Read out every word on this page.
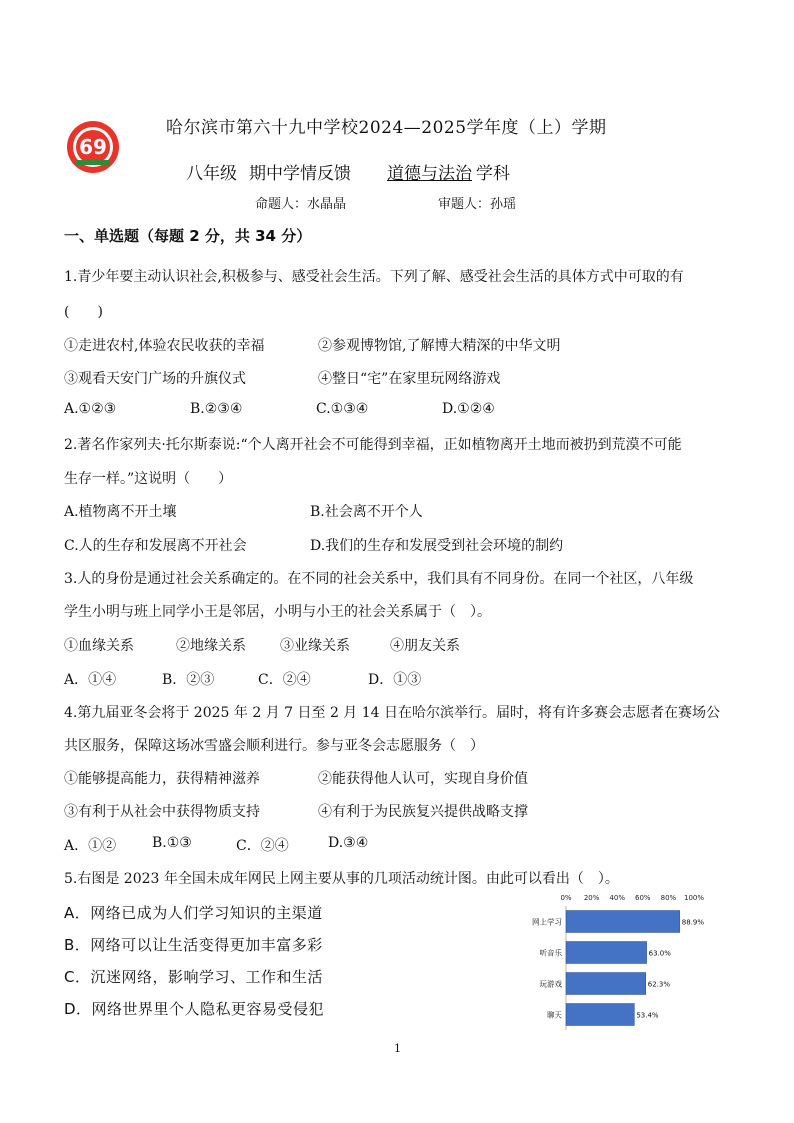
69
哈尔滨市第六十九中学校2024—2025学年度（上）学期
八年级 期中学情反馈 道德与法治 学科
命题人：水晶晶	审题人：孙瑶
一、单选题（每题 2 分，共 34 分）
1.青少年要主动认识社会,积极参与、感受社会生活。下列了解、感受社会生活的具体方式中可取的有
(　　)
①走进农村,体验农民收获的幸福	②参观博物馆,了解博大精深的中华文明
③观看天安门广场的升旗仪式	④整日“宅”在家里玩网络游戏
A.①②③	B.②③④	C.①③④	D.①②④
2.著名作家列夫·托尔斯泰说:“个人离开社会不可能得到幸福，正如植物离开土地而被扔到荒漠不可能
生存一样。”这说明（　　）
A.植物离不开土壤	B.社会离不开个人
C.人的生存和发展离不开社会	D.我们的生存和发展受到社会环境的制约
3.人的身份是通过社会关系确定的。在不同的社会关系中，我们具有不同身份。在同一个社区，八年级
学生小明与班上同学小王是邻居，小明与小王的社会关系属于（　）。
①血缘关系	②地缘关系 ③业缘关系	④朋友关系
A．①④	B．②③	C．②④	D．①③
4.第九届亚冬会将于 2025 年 2 月 7 日至 2 月 14 日在哈尔滨举行。届时，将有许多赛会志愿者在赛场公
共区服务，保障这场冰雪盛会顺利进行。参与亚冬会志愿服务（　）
①能够提高能力，获得精神滋养	②能获得他人认可，实现自身价值
③有利于从社会中获得物质支持	④有利于为民族复兴提供战略支撑
A．①②	B.①③	C．②④	D.③④
5.右图是 2023 年全国未成年网民上网主要从事的几项活动统计图。由此可以看出（　）。
A．网络已成为人们学习知识的主渠道
B．网络可以让生活变得更加丰富多彩
C．沉迷网络，影响学习、工作和生活
D．网络世界里个人隐私更容易受侵犯
0% 20% 40% 60% 80% 100%
网上学习	88.9%
听音乐	63.0%
玩游戏	62.3%
聊天	53.4%
1
